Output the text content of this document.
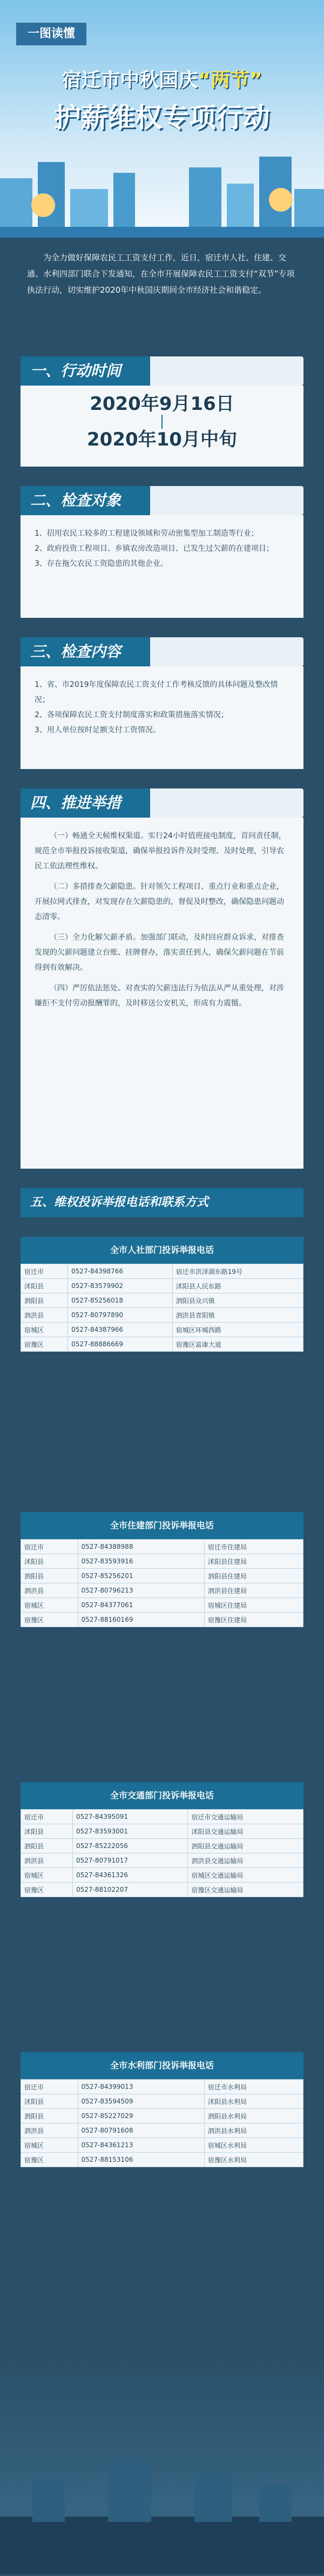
一图读懂
宿迁市中秋国庆“两节”
护薪维权专项行动
为全力做好保障农民工工资支付工作，近日，宿迁市人社、住建、交通、水利四部门联合下发通知，在全市开展保障农民工工资支付“双节”专项执法行动，切实维护2020年中秋国庆期间全市经济社会和谐稳定。
一、行动时间
2020年9月16日
2020年10月中旬
二、检查对象
1、招用农民工较多的工程建设领域和劳动密集型加工制造等行业；
2、政府投资工程项目、乡镇农房改造项目、已发生过欠薪的在建项目；
3、存在拖欠农民工资隐患的其他企业。
三、检查内容
1、省、市2019年度保障农民工资支付工作考核反馈的具体问题及整改情况；
2、各项保障农民工资支付制度落实和政策措施落实情况；
3、用人单位按时足额支付工资情况。
四、推进举措

（一）畅通全天候维权渠道。实行24小时值班接电制度，首问责任制，规范全市举报投诉接收渠道，确保举报投诉件及时受理、及时处理，引导农民工依法理性维权。

（二）多措排查欠薪隐患。针对领欠工程项目、重点行业和重点企业，开展拉网式排查，对发现存在欠薪隐患的，督促及时整改，确保隐患问题动态清零。

（三）全力化解欠薪矛盾。加强部门联动，及时回应群众诉求，对排查发现的欠薪问题建立台账、挂牌督办，落实责任到人，确保欠薪问题在节前得到有效解决。

（四）严厉依法惩处。对查实的欠薪违法行为依法从严从重处理，对涉嫌拒不支付劳动报酬罪的，及时移送公安机关，形成有力震慑。

五、维权投诉举报电话和联系方式
全市人社部门投诉举报电话
宿迁市	0527-84398766	宿迁市洪泽湖东路19号
沭阳县	0527-83579902	沭阳县人民东路
泗阳县	0527-85256018	泗阳县众兴镇
泗洪县	0527-80797890	泗洪县青阳镇
宿城区	0527-84387966	宿城区环城西路
宿豫区	0527-88886669	宿豫区富康大道
全市住建部门投诉举报电话
宿迁市	0527-84388988	宿迁市住建局
沭阳县	0527-83593916	沭阳县住建局
泗阳县	0527-85256201	泗阳县住建局
泗洪县	0527-80796213	泗洪县住建局
宿城区	0527-84377061	宿城区住建局
宿豫区	0527-88160169	宿豫区住建局
全市交通部门投诉举报电话
宿迁市	0527-84395091	宿迁市交通运输局
沭阳县	0527-83593001	沭阳县交通运输局
泗阳县	0527-85222056	泗阳县交通运输局
泗洪县	0527-80791017	泗洪县交通运输局
宿城区	0527-84361326	宿城区交通运输局
宿豫区	0527-88102207	宿豫区交通运输局
全市水利部门投诉举报电话
宿迁市	0527-84399013	宿迁市水利局
沭阳县	0527-83594509	沭阳县水利局
泗阳县	0527-85227029	泗阳县水利局
泗洪县	0527-80791608	泗洪县水利局
宿城区	0527-84361213	宿城区水利局
宿豫区	0527-88153106	宿豫区水利局
